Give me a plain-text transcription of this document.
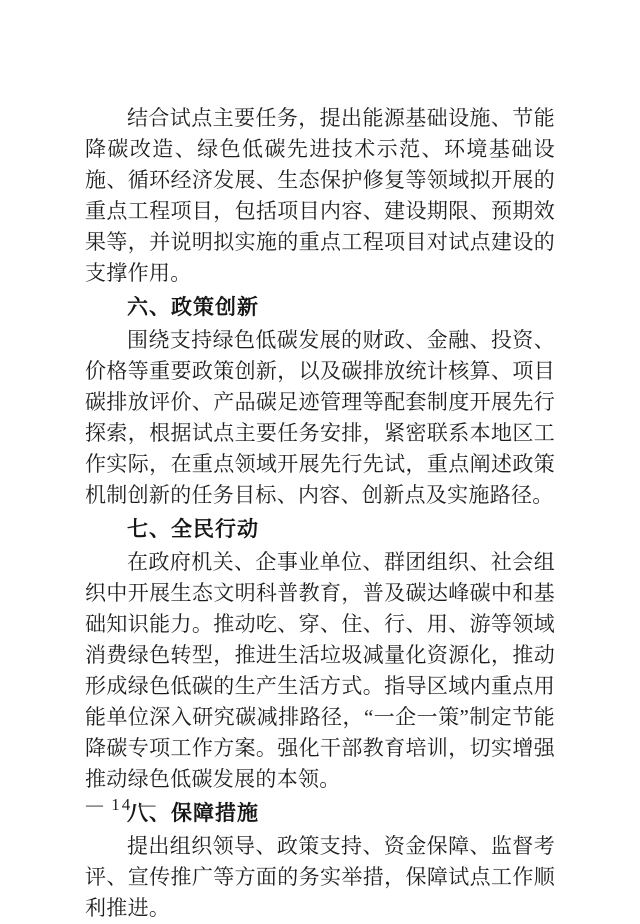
结合试点主要任务，提出能源基础设施、节能降碳改造、绿色低碳先进技术示范、环境基础设施、循环经济发展、生态保护修复等领域拟开展的重点工程项目，包括项目内容、建设期限、预期效果等，并说明拟实施的重点工程项目对试点建设的支撑作用。

六、政策创新

围绕支持绿色低碳发展的财政、金融、投资、价格等重要政策创新，以及碳排放统计核算、项目碳排放评价、产品碳足迹管理等配套制度开展先行探索，根据试点主要任务安排，紧密联系本地区工作实际，在重点领域开展先行先试，重点阐述政策机制创新的任务目标、内容、创新点及实施路径。

七、全民行动

在政府机关、企事业单位、群团组织、社会组织中开展生态文明科普教育，普及碳达峰碳中和基础知识能力。推动吃、穿、住、行、用、游等领域消费绿色转型，推进生活垃圾减量化资源化，推动形成绿色低碳的生产生活方式。指导区域内重点用能单位深入研究碳减排路径，“一企一策”制定节能降碳专项工作方案。强化干部教育培训，切实增强推动绿色低碳发展的本领。

八、保障措施

提出组织领导、政策支持、资金保障、监督考评、宣传推广等方面的务实举措，保障试点工作顺利推进。

— 14 —
